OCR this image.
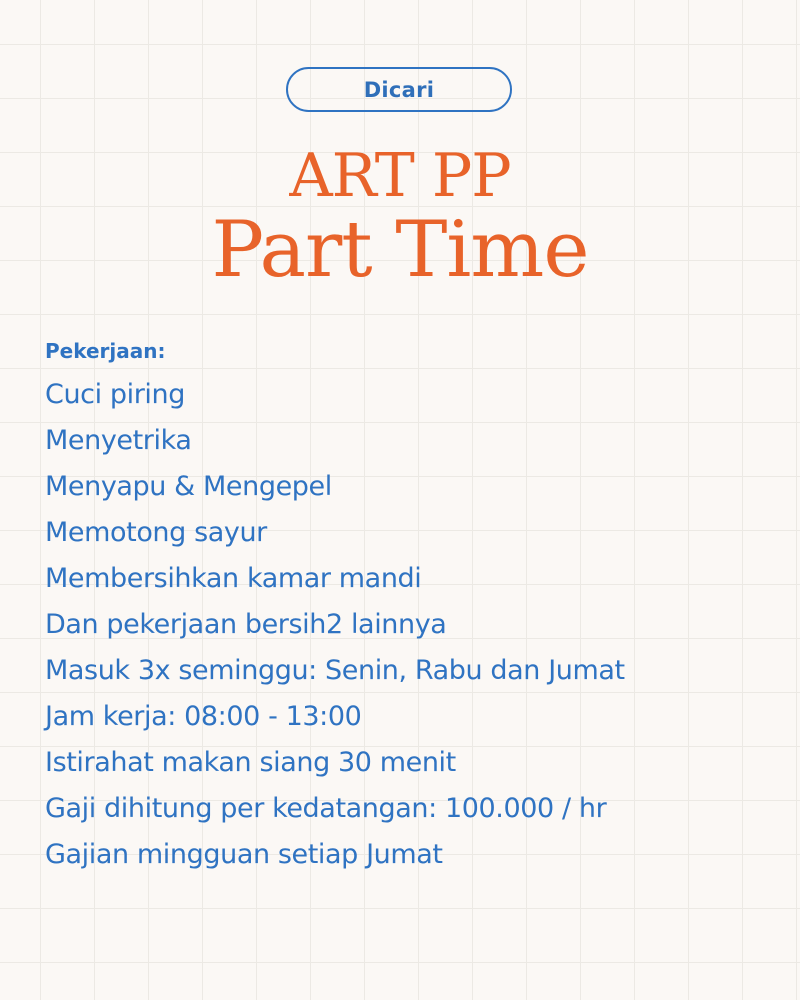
Dicari
ART PP
Part Time
Pekerjaan:
Cuci piring
Menyetrika
Menyapu & Mengepel
Memotong sayur
Membersihkan kamar mandi
Dan pekerjaan bersih2 lainnya
Masuk 3x seminggu: Senin, Rabu dan Jumat
Jam kerja: 08:00 - 13:00
Istirahat makan siang 30 menit
Gaji dihitung per kedatangan: 100.000 / hr
Gajian mingguan setiap Jumat
